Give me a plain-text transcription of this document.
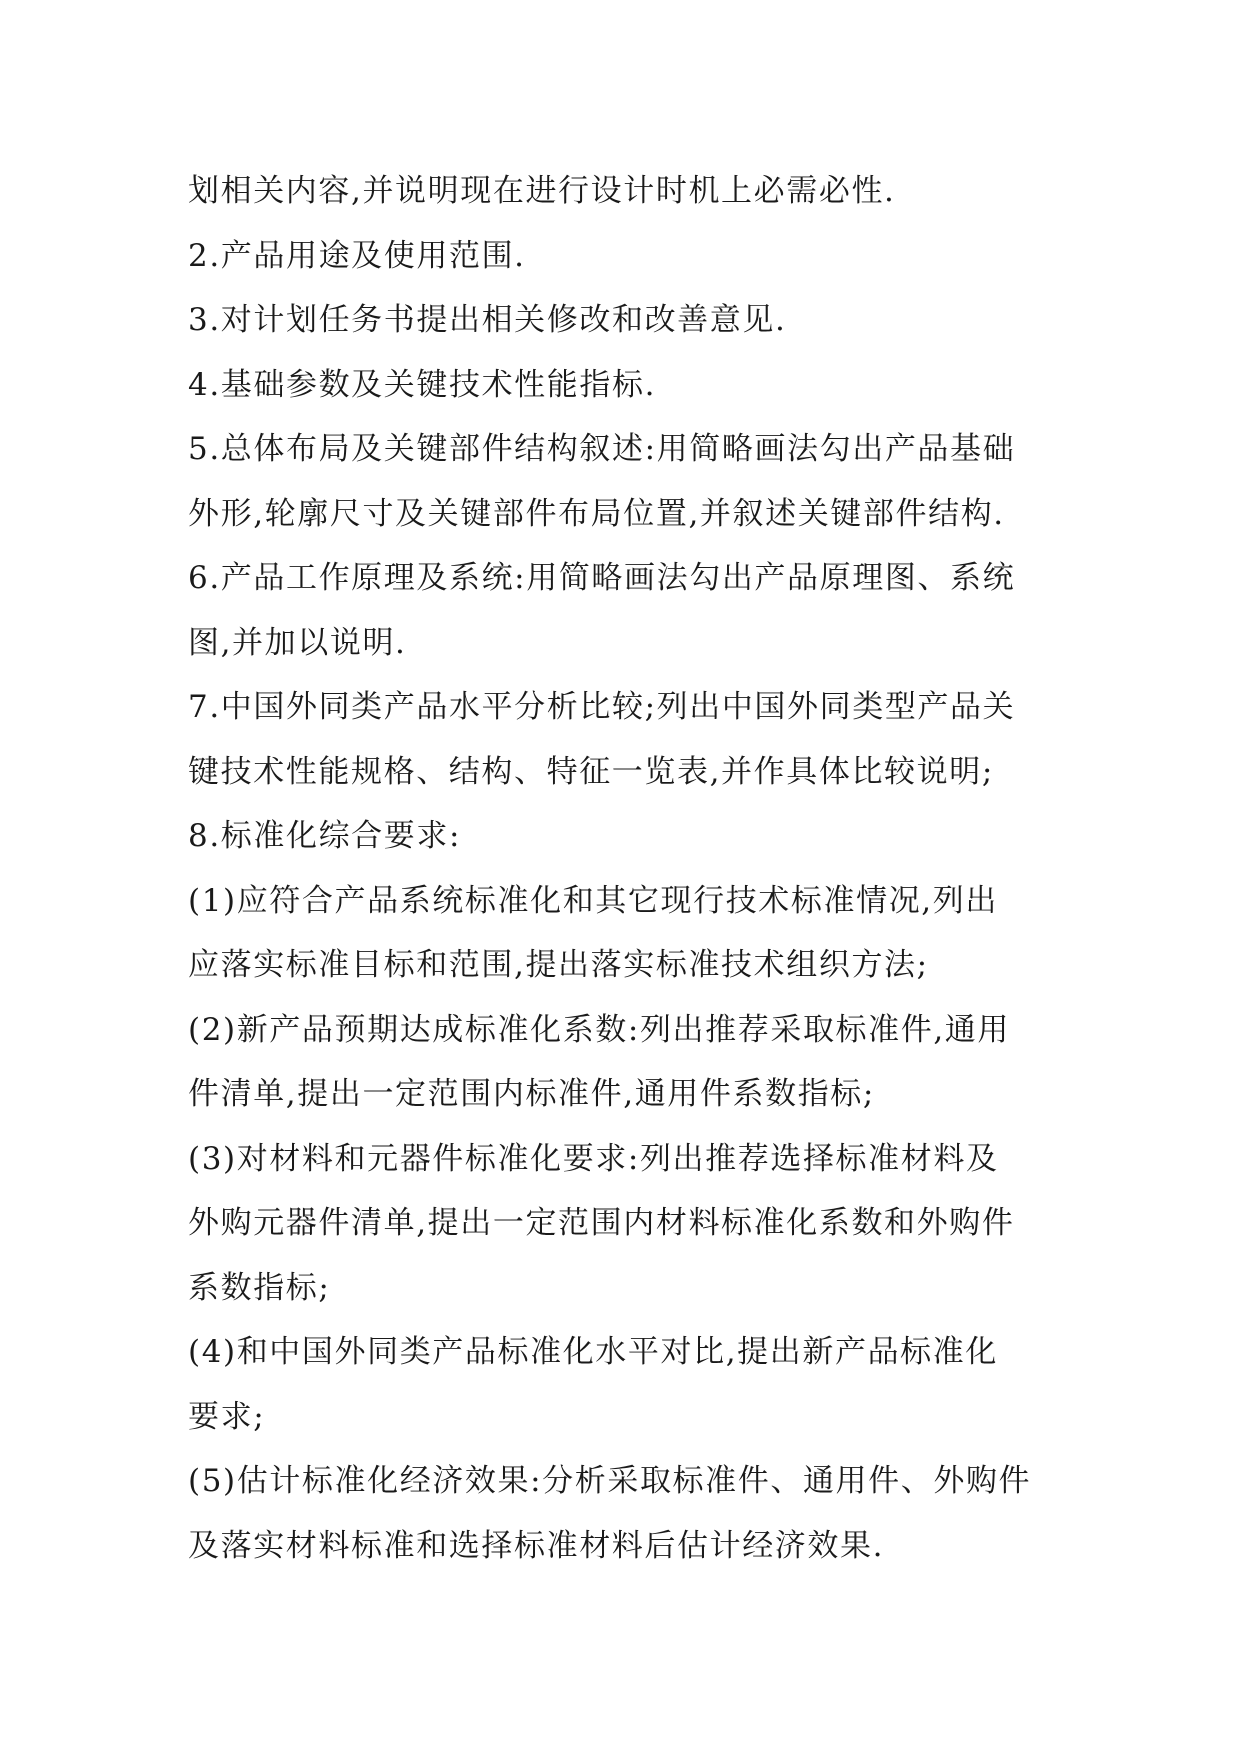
划相关内容,并说明现在进行设计时机上必需必性.
2.产品用途及使用范围.
3.对计划任务书提出相关修改和改善意见.
4.基础参数及关键技术性能指标.
5.总体布局及关键部件结构叙述:用简略画法勾出产品基础
外形,轮廓尺寸及关键部件布局位置,并叙述关键部件结构.
6.产品工作原理及系统:用简略画法勾出产品原理图、系统
图,并加以说明.
7.中国外同类产品水平分析比较;列出中国外同类型产品关
键技术性能规格、结构、特征一览表,并作具体比较说明;
8.标准化综合要求:
(1)应符合产品系统标准化和其它现行技术标准情况,列出
应落实标准目标和范围,提出落实标准技术组织方法;
(2)新产品预期达成标准化系数:列出推荐采取标准件,通用
件清单,提出一定范围内标准件,通用件系数指标;
(3)对材料和元器件标准化要求:列出推荐选择标准材料及
外购元器件清单,提出一定范围内材料标准化系数和外购件
系数指标;
(4)和中国外同类产品标准化水平对比,提出新产品标准化
要求;
(5)估计标准化经济效果:分析采取标准件、通用件、外购件
及落实材料标准和选择标准材料后估计经济效果.
